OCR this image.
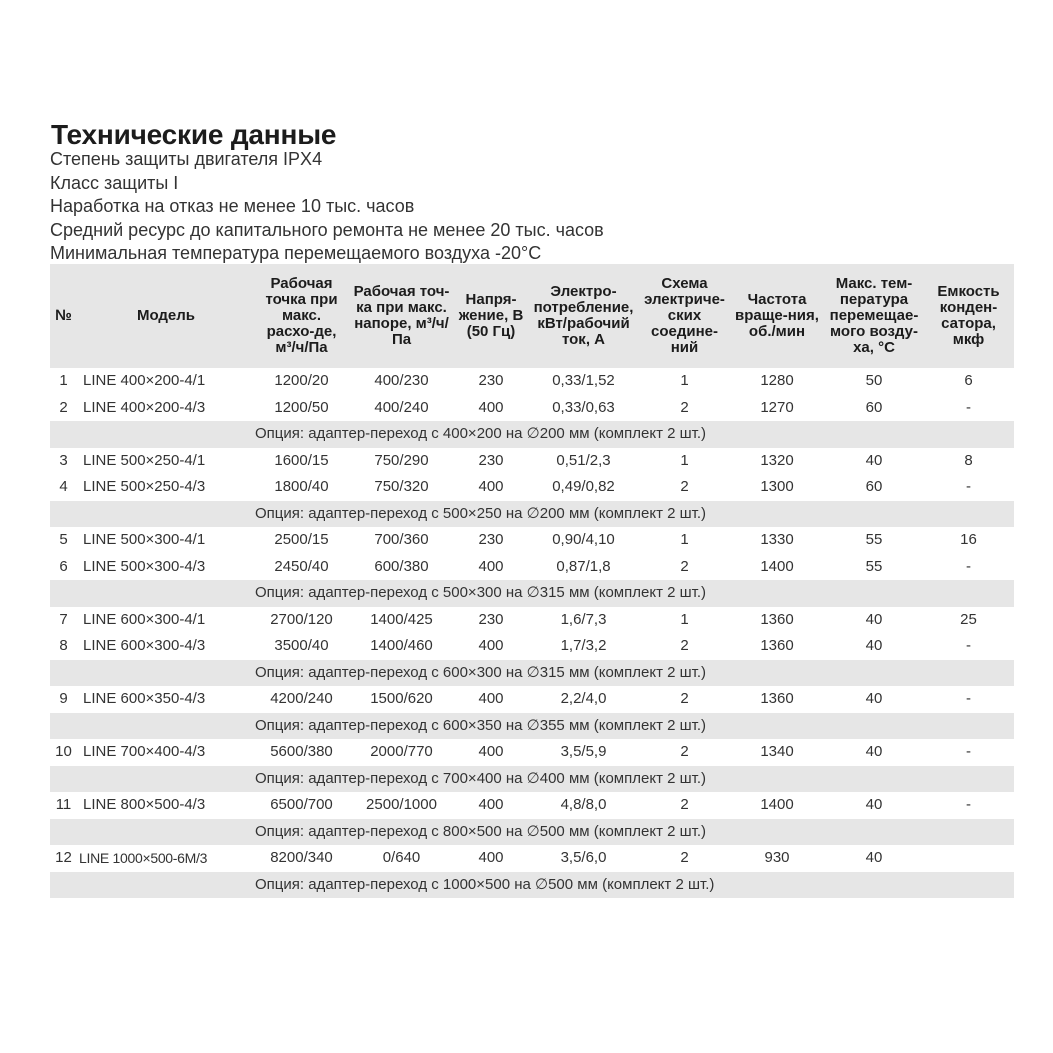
Технические данные
Степень защиты двигателя IPX4
Класс защиты I
Наработка на отказ не менее 10 тыс. часов
Средний ресурс до капитального ремонта не менее 20 тыс. часов
Минимальная температура перемещаемого воздуха -20°C
№	Модель	Рабочая точка при макс. расхо-де, м³/ч/Па	Рабочая точ-ка при макс. напоре, м³/ч/ Па	Напря-жение, В (50 Гц)	Электро-потребление, кВт/рабочий ток, А	Схема электриче-ских соедине-ний	Частота враще-ния, об./мин	Макс. тем-пература перемещае-мого возду-ха, °C	Емкость конден-сатора, мкф
1	LINE 400×200-4/1	1200/20	400/230	230	0,33/1,52	1	1280	50	6
2	LINE 400×200-4/3	1200/50	400/240	400	0,33/0,63	2	1270	60	-
		Опция: адаптер-переход с 400×200 на ∅200 мм (комплект 2 шт.)							
3	LINE 500×250-4/1	1600/15	750/290	230	0,51/2,3	1	1320	40	8
4	LINE 500×250-4/3	1800/40	750/320	400	0,49/0,82	2	1300	60	-
		Опция: адаптер-переход с 500×250 на ∅200 мм (комплект 2 шт.)							
5	LINE 500×300-4/1	2500/15	700/360	230	0,90/4,10	1	1330	55	16
6	LINE 500×300-4/3	2450/40	600/380	400	0,87/1,8	2	1400	55	-
		Опция: адаптер-переход с 500×300 на ∅315 мм (комплект 2 шт.)							
7	LINE 600×300-4/1	2700/120	1400/425	230	1,6/7,3	1	1360	40	25
8	LINE 600×300-4/3	3500/40	1400/460	400	1,7/3,2	2	1360	40	-
		Опция: адаптер-переход с 600×300 на ∅315 мм (комплект 2 шт.)							
9	LINE 600×350-4/3	4200/240	1500/620	400	2,2/4,0	2	1360	40	-
		Опция: адаптер-переход с 600×350 на ∅355 мм (комплект 2 шт.)							
10	LINE 700×400-4/3	5600/380	2000/770	400	3,5/5,9	2	1340	40	-
		Опция: адаптер-переход с 700×400 на ∅400 мм (комплект 2 шт.)							
11	LINE 800×500-4/3	6500/700	2500/1000	400	4,8/8,0	2	1400	40	-
		Опция: адаптер-переход с 800×500 на ∅500 мм (комплект 2 шт.)							
12	LINE 1000×500-6M/3	8200/340	0/640	400	3,5/6,0	2	930	40	
		Опция: адаптер-переход с 1000×500 на ∅500 мм (комплект 2 шт.)							
